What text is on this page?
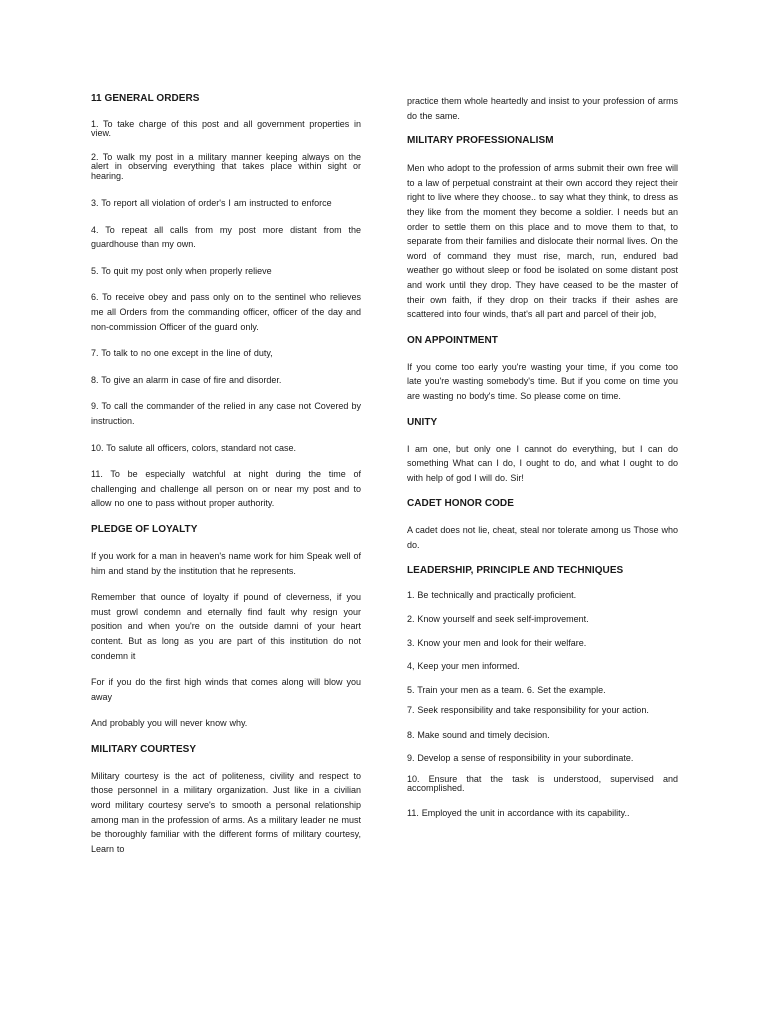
11 GENERAL ORDERS

1. To take charge of this post and all government properties in view.

2. To walk my post in a military manner keeping always on the alert in observing everything that takes place within sight or hearing.

3. To report all violation of order's I am instructed to enforce

4. To repeat all calls from my post more distant from the guardhouse than my own.

5. To quit my post only when properly relieve

6. To receive obey and pass only on to the sentinel who relieves me all Orders from the commanding officer, officer of the day and non-commission Officer of the guard only.

7. To talk to no one except in the line of duty,

8. To give an alarm in case of fire and disorder.

9. To call the commander of the relied in any case not Covered by instruction.

10. To salute all officers, colors, standard not case.

11. To be especially watchful at night during the time of challenging and challenge all person on or near my post and to allow no one to pass without proper authority.

PLEDGE OF LOYALTY

If you work for a man in heaven's name work for him Speak well of him and stand by the institution that he represents.

Remember that ounce of loyalty if pound of cleverness, if you must growl condemn and eternally find fault why resign your position and when you're on the outside damni of your heart content. But as long as you are part of this institution do not condemn it

For if you do the first high winds that comes along will blow you away

And probably you will never know why.

MILITARY COURTESY

Military courtesy is the act of politeness, civility and respect to those personnel in a military organization. Just like in a civilian word military courtesy serve's to smooth a personal relationship among man in the profession of arms. As a military leader ne must be thoroughly familiar with the different forms of military courtesy, Learn to

practice them whole heartedly and insist to your profession of arms do the same.

MILITARY PROFESSIONALISM

Men who adopt to the profession of arms submit their own free will to a law of perpetual constraint at their own accord they reject their right to live where they choose.. to say what they think, to dress as they like from the moment they become a soldier. I needs but an order to settle them on this place and to move them to that, to separate from their families and dislocate their normal lives. On the word of command they must rise, march, run, endured bad weather go without sleep or food be isolated on some distant post and work until they drop. They have ceased to be the master of their own faith, if they drop on their tracks if their ashes are scattered into four winds, that's all part and parcel of their job,

ON APPOINTMENT

If you come too early you're wasting your time, if you come too late you're wasting somebody's time. But if you come on time you are wasting no body's time. So please come on time.

UNITY

I am one, but only one I cannot do everything, but I can do something What can I do, I ought to do, and what I ought to do with help of god I will do. Sir!

CADET HONOR CODE

A cadet does not lie, cheat, steal nor tolerate among us Those who do.

LEADERSHIP, PRINCIPLE AND TECHNIQUES

1. Be technically and practically proficient.

2. Know yourself and seek self-improvement.

3. Know your men and look for their welfare.

4, Keep your men informed.

5. Train your men as a team. 6. Set the example.

7. Seek responsibility and take responsibility for your action.

8. Make sound and timely decision.

9. Develop a sense of responsibility in your subordinate.

10. Ensure that the task is understood, supervised and accomplished.

11. Employed the unit in accordance with its capability..
